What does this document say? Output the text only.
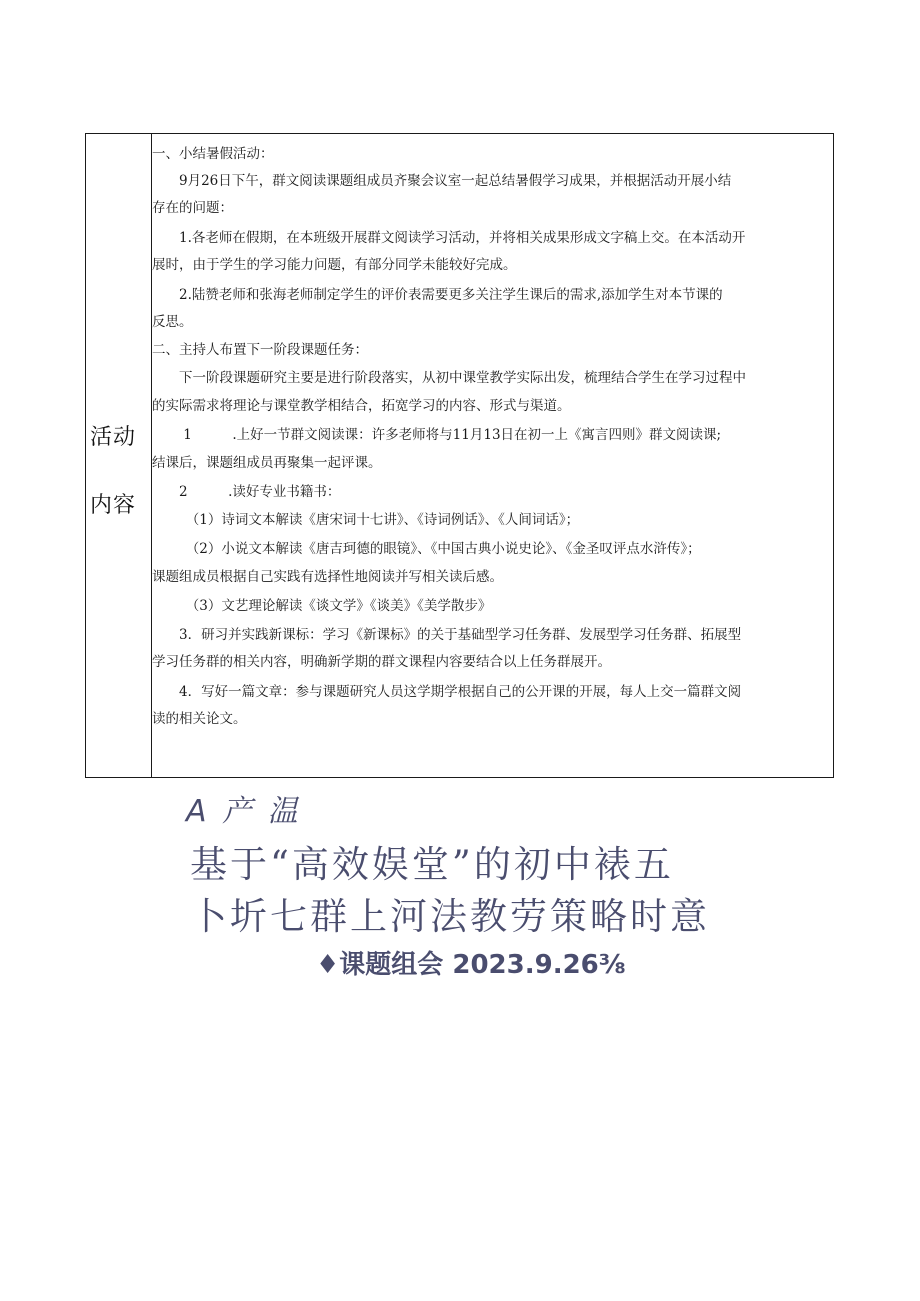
活动
内容
一、小结暑假活动：
　　9月26日下午，群文阅读课题组成员齐聚会议室一起总结暑假学习成果，并根据活动开展小结
存在的问题：
　　1.各老师在假期，在本班级开展群文阅读学习活动，并将相关成果形成文字稿上交。在本活动开
展时，由于学生的学习能力问题，有部分同学未能较好完成。
　　2.陆赞老师和张海老师制定学生的评价表需要更多关注学生课后的需求,添加学生对本节课的
反思。
二、主持人布置下一阶段课题任务：
　　下一阶段课题研究主要是进行阶段落实，从初中课堂教学实际出发，梳理结合学生在学习过程中
的实际需求将理论与课堂教学相结合，拓宽学习的内容、形式与渠道。
　　 1　　　.上好一节群文阅读课：许多老师将与11月13日在初一上《寓言四则》群文阅读课;
结课后，课题组成员再聚集一起评课。
　　2　　　.读好专业书籍书：
　　　（1）诗词文本解读《唐宋词十七讲》、《诗词例话》、《人间词话》；
　　　（2）小说文本解读《唐吉珂德的眼镜》、《中国古典小说史论》、《金圣叹评点水浒传》；
课题组成员根据自己实践有选择性地阅读并写相关读后感。
　　　（3）文艺理论解读《谈文学》《谈美》《美学散步》
　　3．研习并实践新课标：学习《新课标》的关于基础型学习任务群、发展型学习任务群、拓展型
学习任务群的相关内容，明确新学期的群文课程内容要结合以上任务群展开。
　　4．写好一篇文章：参与课题研究人员这学期学根据自己的公开课的开展，每人上交一篇群文阅
读的相关论文。
A 产 温
基于“高效娱堂”的初中裱五
卜圻七群上河法教劳策略时意
♦课题组会 2023.9.26⅜
